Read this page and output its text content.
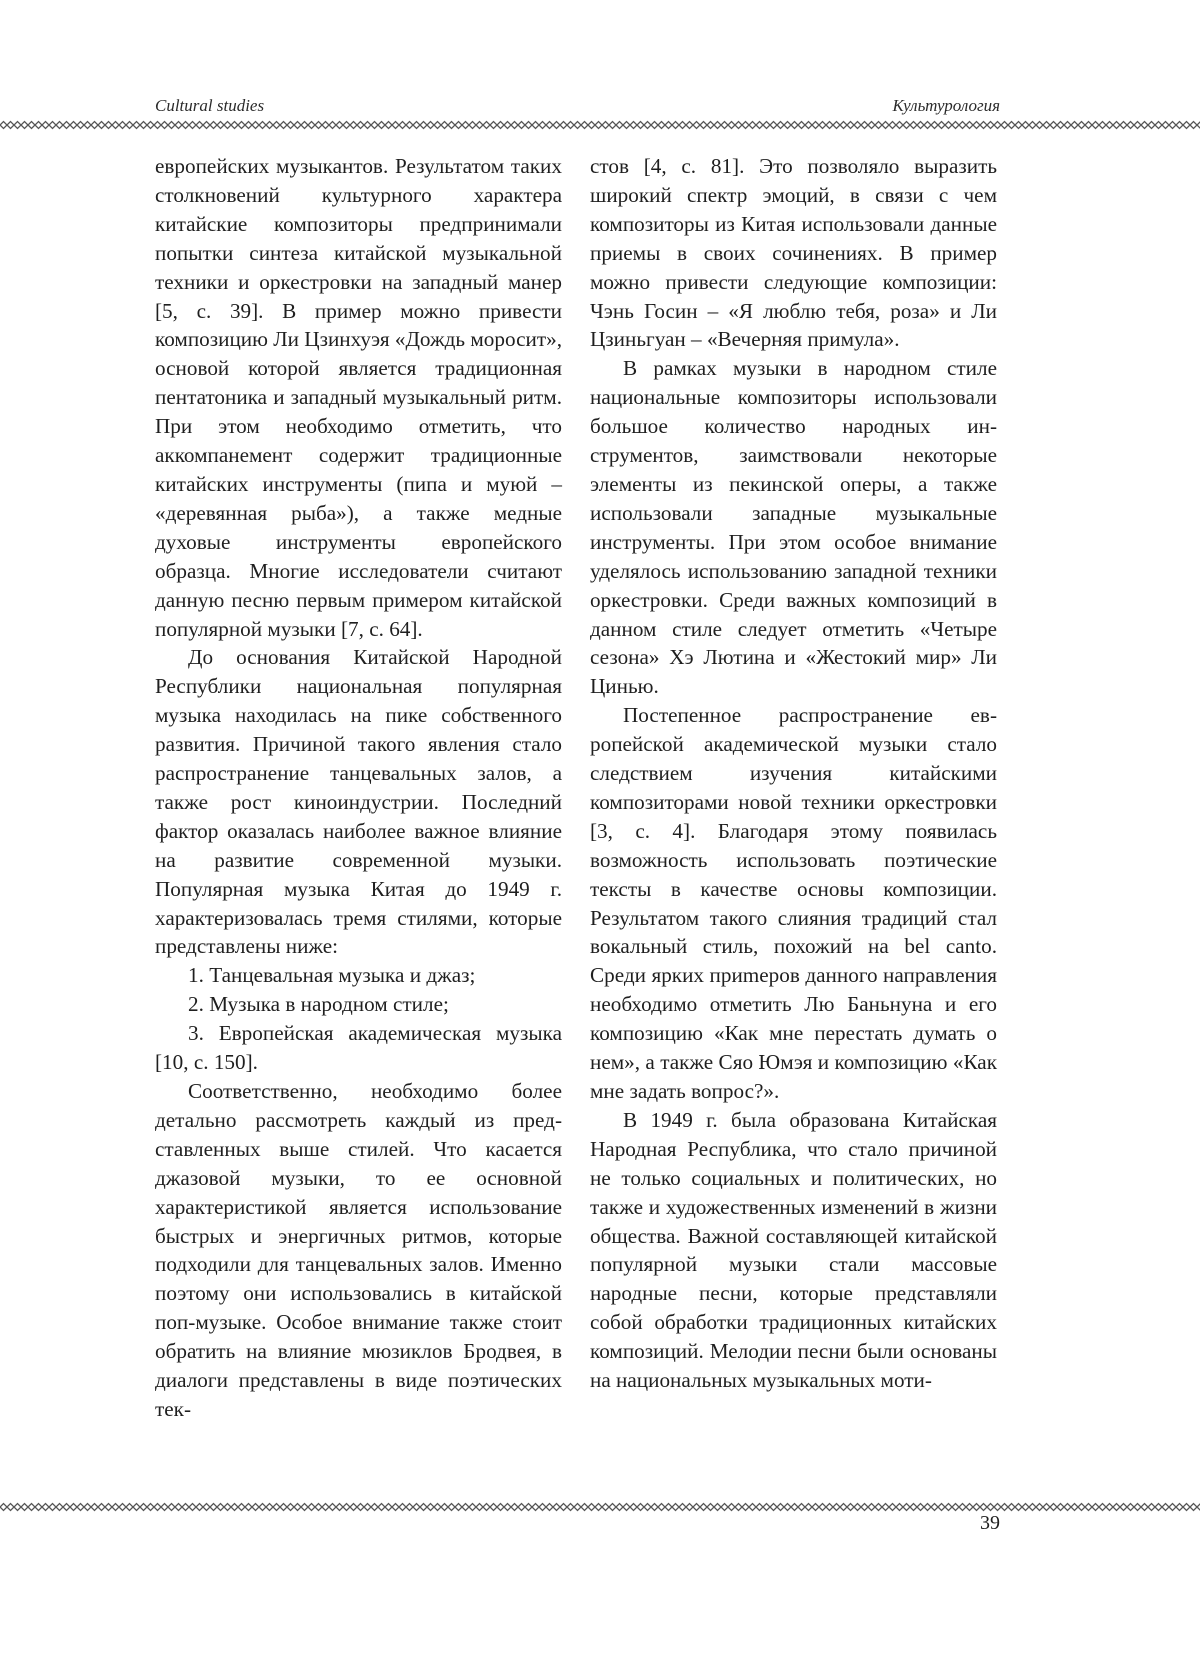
Cultural studies	Культурология

европейских музыкантов. Результатом таких столкновений культурного характера китайские композиторы предпринимали попытки синтеза китайской музыкальной техники и оркестровки на западный манер [5, с. 39]. В пример можно привести композицию Ли Цзинхуэя «Дождь моросит», основой которой является традиционная пентатоника и западный музыкальный ритм. При этом необходимо отметить, что аккомпанемент содержит традиционные китайских инструменты (пипа и муюй – «деревянная рыба»), а также медные духовые инструменты европейского образца. Многие исследователи считают данную песню первым примером китайской популярной музыки [7, с. 64].

До основания Китайской Народной Республики национальная популярная музыка находилась на пике собственного развития. Причиной такого явления стало распространение танцевальных залов, а также рост киноиндустрии. Последний фактор оказалась наиболее важное влияние на развитие современной музыки. Популярная музыка Китая до 1949 г. характеризовалась тремя стилями, которые представлены ниже:

1. Танцевальная музыка и джаз;

2. Музыка в народном стиле;

3. Европейская академическая музыка [10, с. 150].

Соответственно, необходимо более детально рассмотреть каждый из представленных выше стилей. Что касается джазовой музыки, то ее основной характеристикой является использование быстрых и энергичных ритмов, которые подходили для танцевальных залов. Именно поэтому они использовались в китайской поп-музыке. Особое внимание также стоит обратить на влияние мюзиклов Бродвея, в диалоги представлены в виде поэтических тек-

стов [4, с. 81]. Это позволяло выразить широкий спектр эмоций, в связи с чем композиторы из Китая использовали данные приемы в своих сочинениях. В пример можно привести следующие композиции: Чэнь Госин – «Я люблю тебя, роза» и Ли Цзиньгуан – «Вечерняя примула».

В рамках музыки в народном стиле национальные композиторы использовали большое количество народных инструментов, заимствовали некоторые элементы из пекинской оперы, а также использовали западные музыкальные инструменты. При этом особое внимание уделялось использованию западной техники оркестровки. Среди важных композиций в данном стиле следует отметить «Четыре сезона» Хэ Лютина и «Жестокий мир» Ли Цинью.

Постепенное распространение европейской академической музыки стало следствием изучения китайскими композиторами новой техники оркестровки [3, с. 4]. Благодаря этому появилась возможность использовать поэтические тексты в качестве основы композиции. Результатом такого слияния традиций стал вокальный стиль, похожий на bel canto. Среди ярких приmеров данного направления необходимо отметить Лю Баньнуна и его композицию «Как мне перестать думать о нем», а также Сяо Юмэя и композицию «Как мне задать вопрос?».

В 1949 г. была образована Китайская Народная Республика, что стало причиной не только социальных и политических, но также и художественных изменений в жизни общества. Важной составляющей китайской популярной музыки стали массовые народные песни, которые представляли собой обработки традиционных китайских композиций. Мелодии песни были основаны на национальных музыкальных моти-

39
